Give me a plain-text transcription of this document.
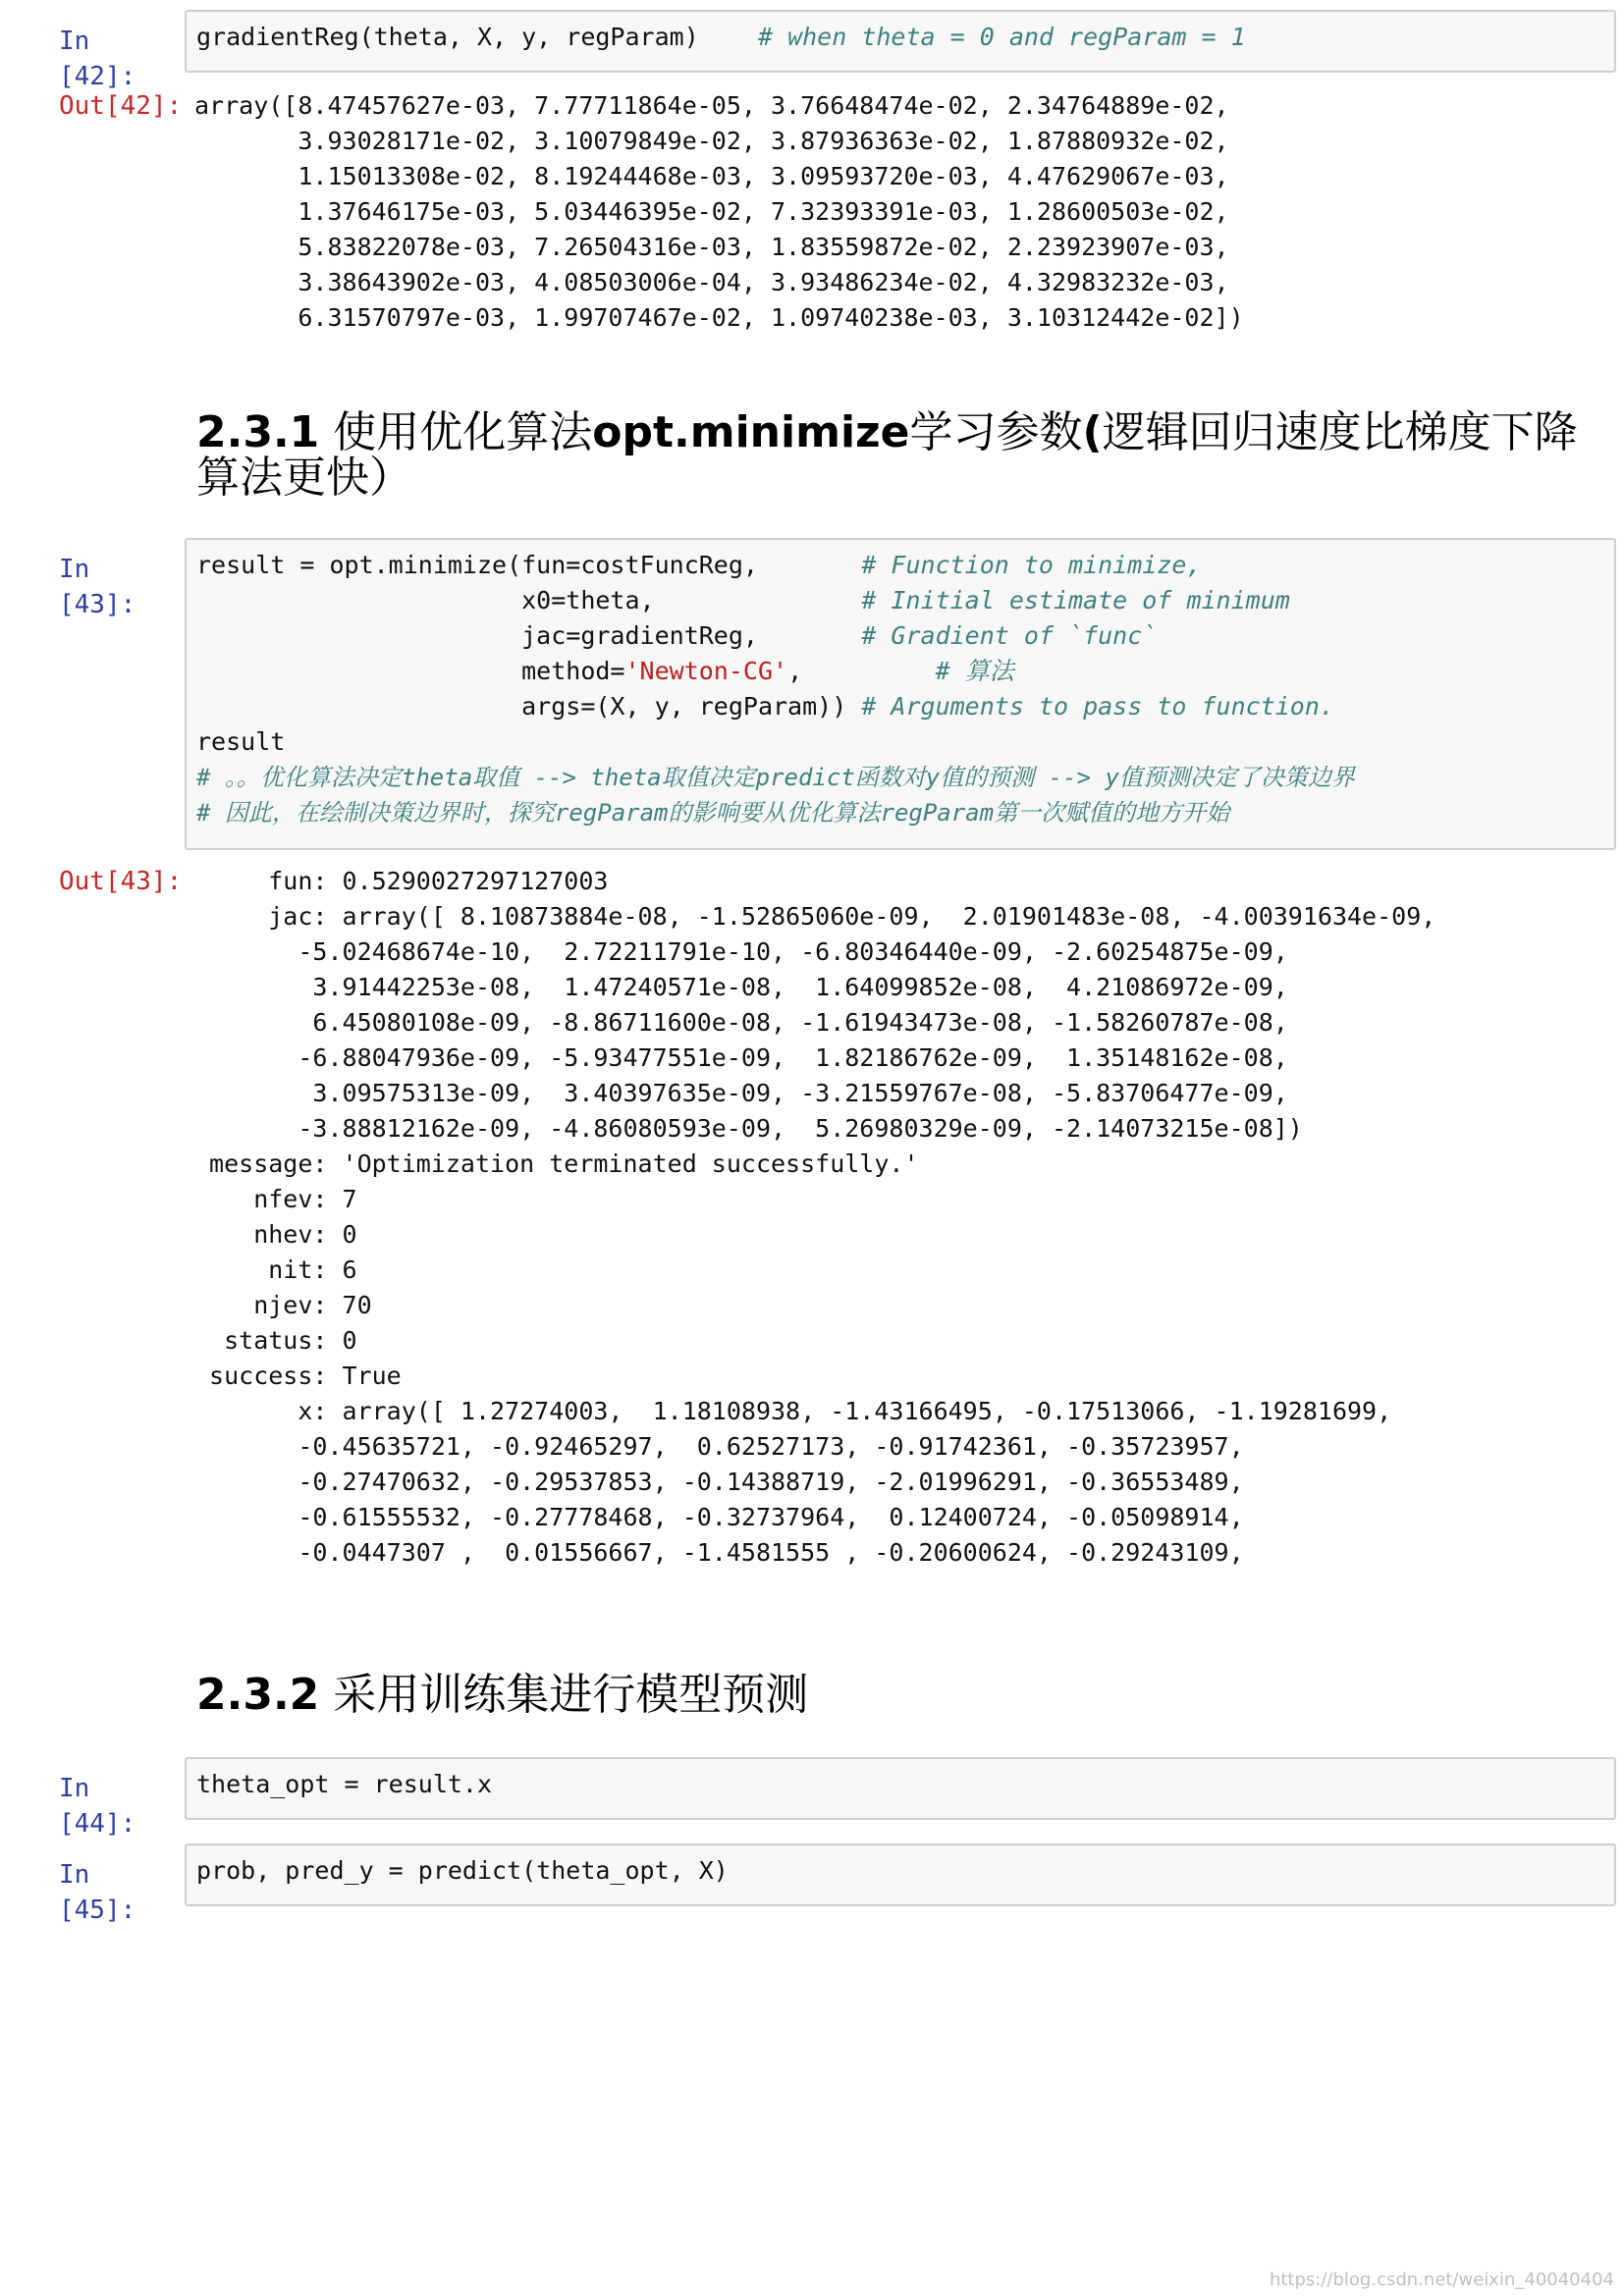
In [42]:
gradientReg(theta, X, y, regParam) # when theta = 0 and regParam = 1
Out[42]: array([8.47457627e-03, 7.77711864e-05, 3.76648474e-02, 2.34764889e-02,
3.93028171e-02, 3.10079849e-02, 3.87936363e-02, 1.87880932e-02,
1.15013308e-02, 8.19244468e-03, 3.09593720e-03, 4.47629067e-03,
1.37646175e-03, 5.03446395e-02, 7.32393391e-03, 1.28600503e-02,
5.83822078e-03, 7.26504316e-03, 1.83559872e-02, 2.23923907e-03,
3.38643902e-03, 4.08503006e-04, 3.93486234e-02, 4.32983232e-03,
6.31570797e-03, 1.99707467e-02, 1.09740238e-03, 3.10312442e-02])
2.3.1 使用优化算法opt.minimize学习参数(逻辑回归速度比梯度下降
算法更快）
In [43]:
result = opt.minimize(fun=costFuncReg,       # Function to minimize,
x0=theta,              # Initial estimate of minimum
jac=gradientReg,       # Gradient of `func`
method='Newton-CG',         # 算法
args=(X, y, regParam)) # Arguments to pass to function.
result
# 。。优化算法决定theta取值 --> theta取值决定predict函数对y值的预测 --> y值预测决定了决策边界
# 因此，在绘制决策边界时，探究regParam的影响要从优化算法regParam第一次赋值的地方开始
Out[43]: fun: 0.5290027297127003
jac: array([ 8.10873884e-08, -1.52865060e-09,  2.01901483e-08, -4.00391634e-09,
-5.02468674e-10,  2.72211791e-10, -6.80346440e-09, -2.60254875e-09,
3.91442253e-08,  1.47240571e-08,  1.64099852e-08,  4.21086972e-09,
6.45080108e-09, -8.86711600e-08, -1.61943473e-08, -1.58260787e-08,
-6.88047936e-09, -5.93477551e-09,  1.82186762e-09,  1.35148162e-08,
3.09575313e-09,  3.40397635e-09, -3.21559767e-08, -5.83706477e-09,
-3.88812162e-09, -4.86080593e-09,  5.26980329e-09, -2.14073215e-08])
message: 'Optimization terminated successfully.'
nfev: 7
nhev: 0
nit: 6
njev: 70
status: 0
success: True
x: array([ 1.27274003,  1.18108938, -1.43166495, -0.17513066, -1.19281699,
-0.45635721, -0.92465297,  0.62527173, -0.91742361, -0.35723957,
-0.27470632, -0.29537853, -0.14388719, -2.01996291, -0.36553489,
-0.61555532, -0.27778468, -0.32737964,  0.12400724, -0.05098914,
-0.0447307 ,  0.01556667, -1.4581555 , -0.20600624, -0.29243109,
2.3.2 采用训练集进行模型预测
In [44]:
theta_opt = result.x
In [45]:
prob, pred_y = predict(theta_opt, X)
https://blog.csdn.net/weixin_40040404
